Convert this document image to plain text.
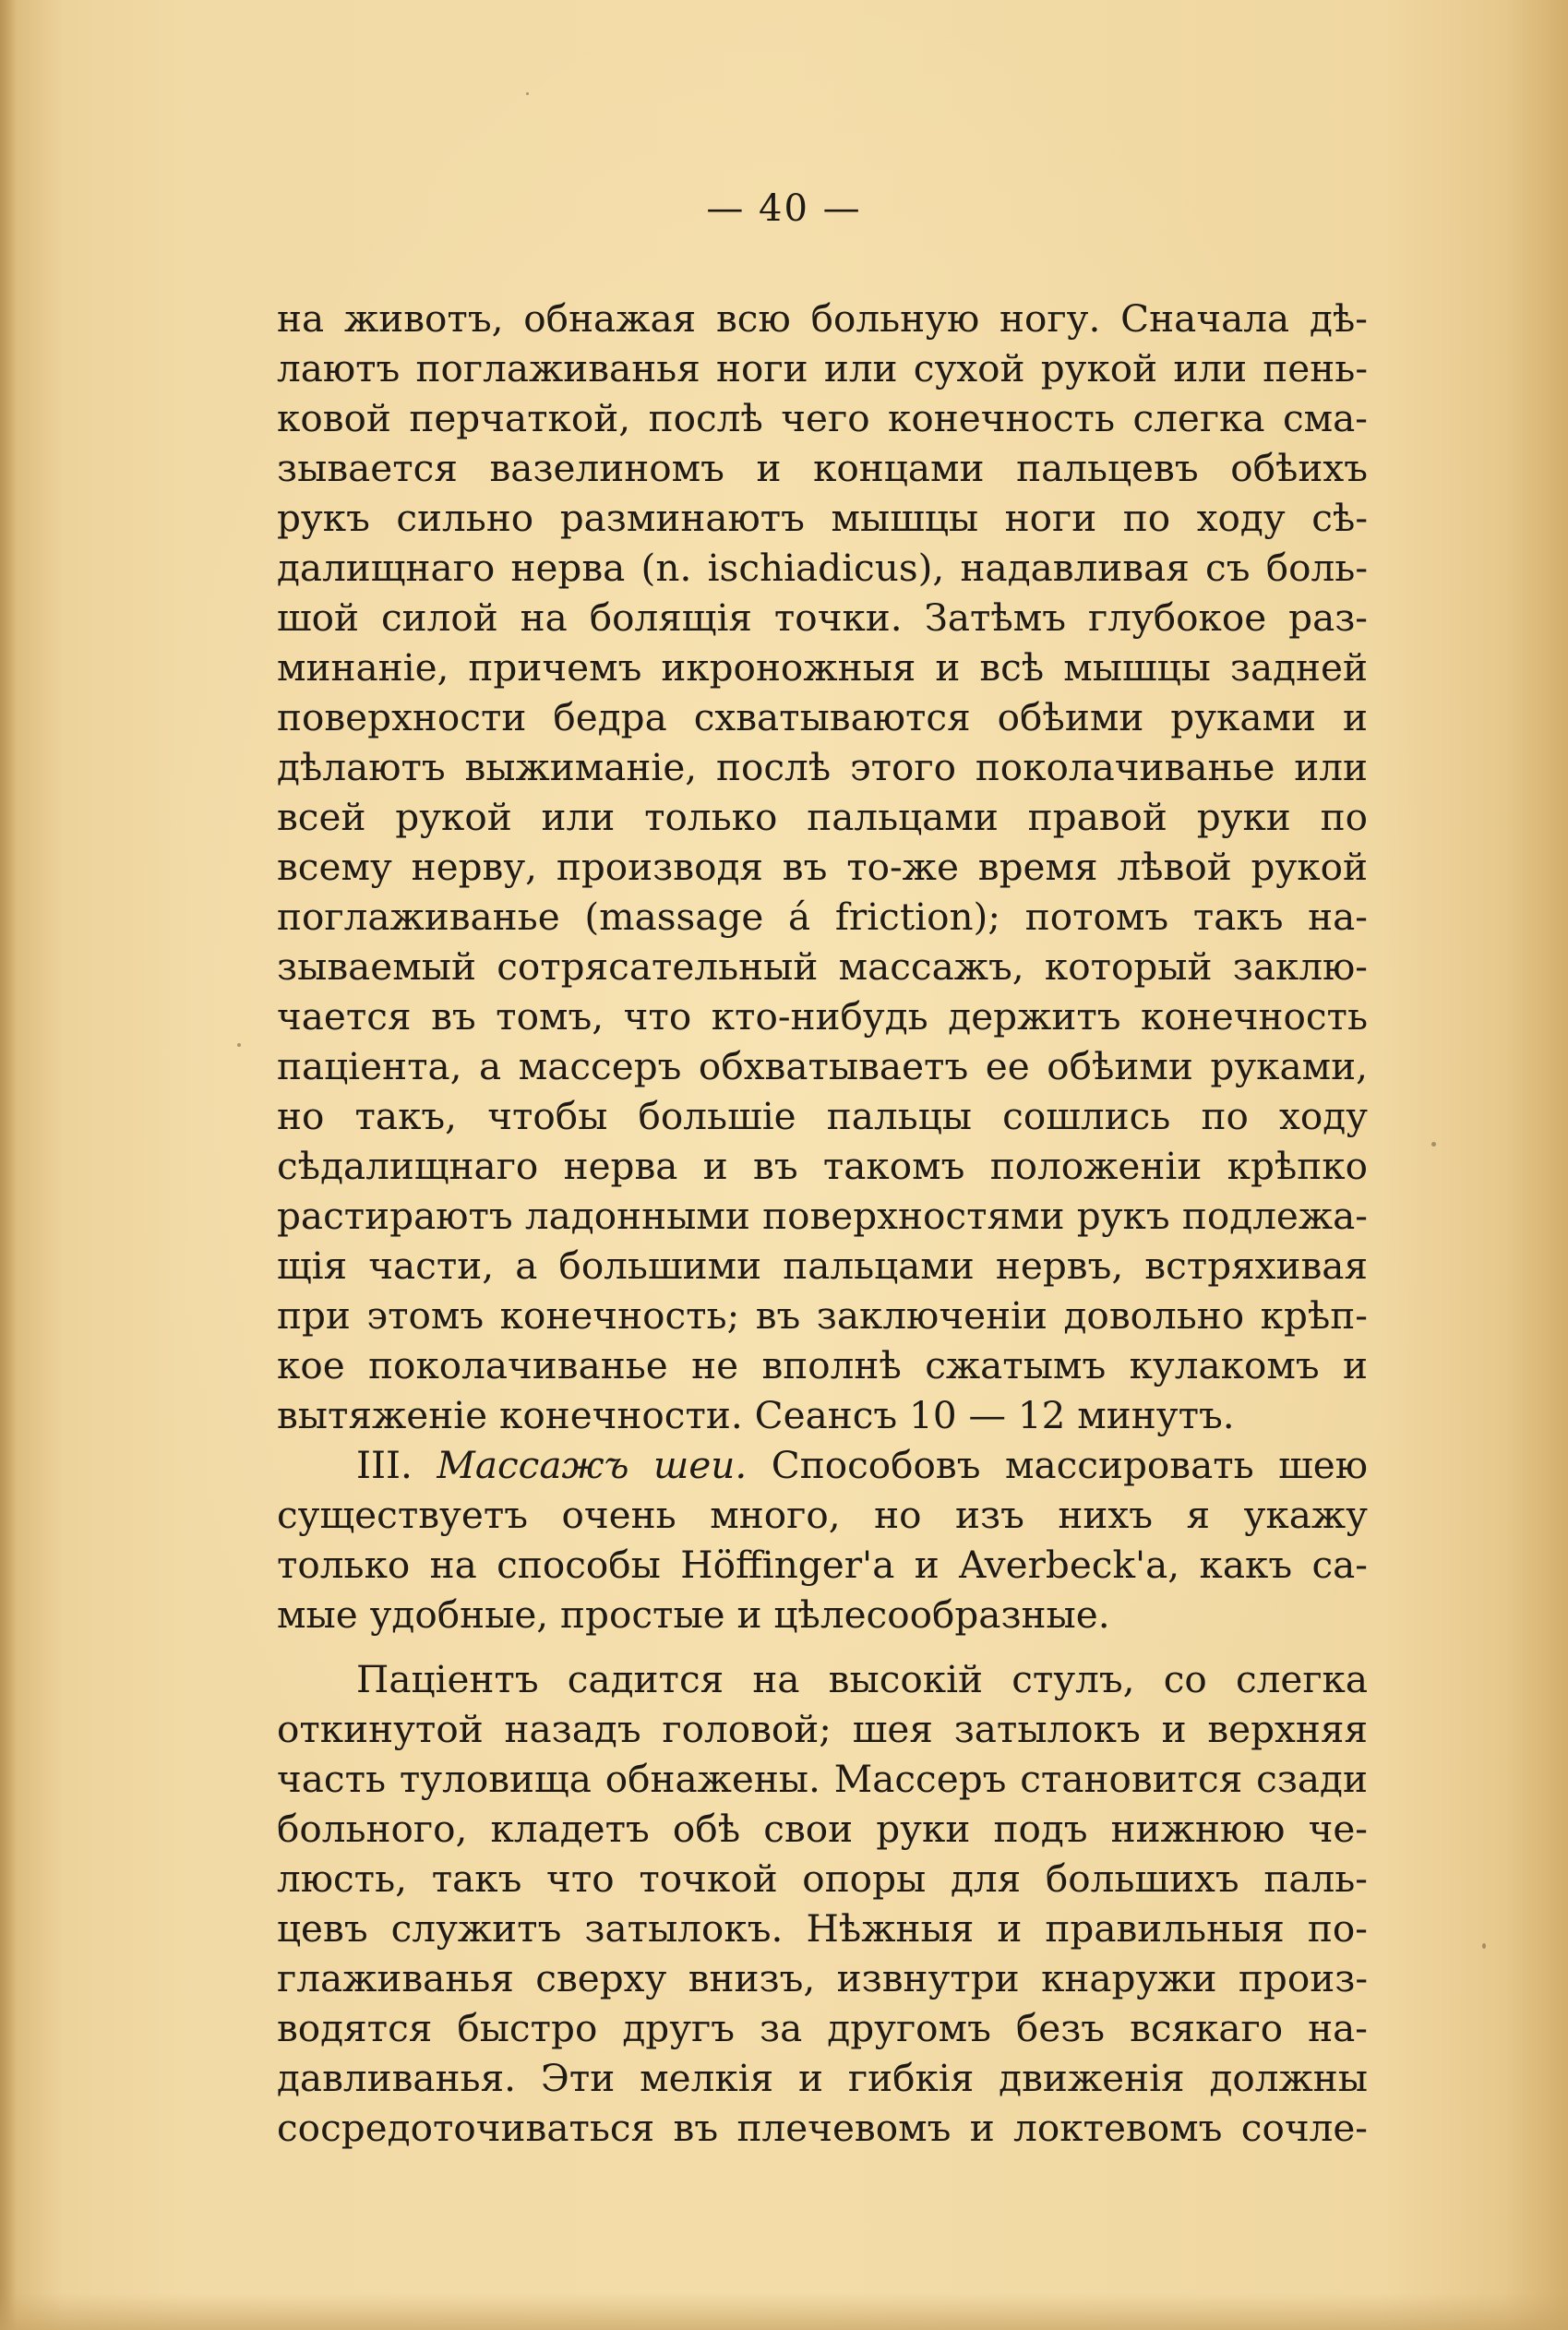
— 40 —
на животъ, обнажая всю больную ногу. Сначала дѣ-
лаютъ поглаживанья ноги или сухой рукой или пень-
ковой перчаткой, послѣ чего конечность слегка сма-
зывается вазелиномъ и концами пальцевъ обѣихъ
рукъ сильно разминаютъ мышцы ноги по ходу сѣ-
далищнаго нерва (n. ischiadicus), надавливая съ боль-
шой силой на болящія точки. Затѣмъ глубокое раз-
минаніе, причемъ икроножныя и всѣ мышцы задней
поверхности бедра схватываются обѣими руками и
дѣлаютъ выжиманіе, послѣ этого поколачиванье или
всей рукой или только пальцами правой руки по
всему нерву, производя въ то-же время лѣвой рукой
поглаживанье (massage á friction); потомъ такъ на-
зываемый сотрясательный массажъ, который заклю-
чается въ томъ, что кто-нибудь держитъ конечность
паціента, а массеръ обхватываетъ ее обѣими руками,
но такъ, чтобы большіе пальцы сошлись по ходу
сѣдалищнаго нерва и въ такомъ положеніи крѣпко
растираютъ ладонными поверхностями рукъ подлежа-
щія части, а большими пальцами нервъ, встряхивая
при этомъ конечность; въ заключеніи довольно крѣп-
кое поколачиванье не вполнѣ сжатымъ кулакомъ и
вытяженіе конечности. Сеансъ 10 — 12 минутъ.
III. Массажъ шеи. Способовъ массировать шею
существуетъ очень много, но изъ нихъ я укажу
только на способы Höffinger'a и Averbeck'a, какъ са-
мые удобные, простые и цѣлесообразные.
Паціентъ садится на высокій стулъ, со слегка
откинутой назадъ головой; шея затылокъ и верхняя
часть туловища обнажены. Массеръ становится сзади
больного, кладетъ обѣ свои руки подъ нижнюю че-
люсть, такъ что точкой опоры для большихъ паль-
цевъ служитъ затылокъ. Нѣжныя и правильныя по-
глаживанья сверху внизъ, извнутри кнаружи произ-
водятся быстро другъ за другомъ безъ всякаго на-
давливанья. Эти мелкія и гибкія движенія должны
сосредоточиваться въ плечевомъ и локтевомъ сочле-
